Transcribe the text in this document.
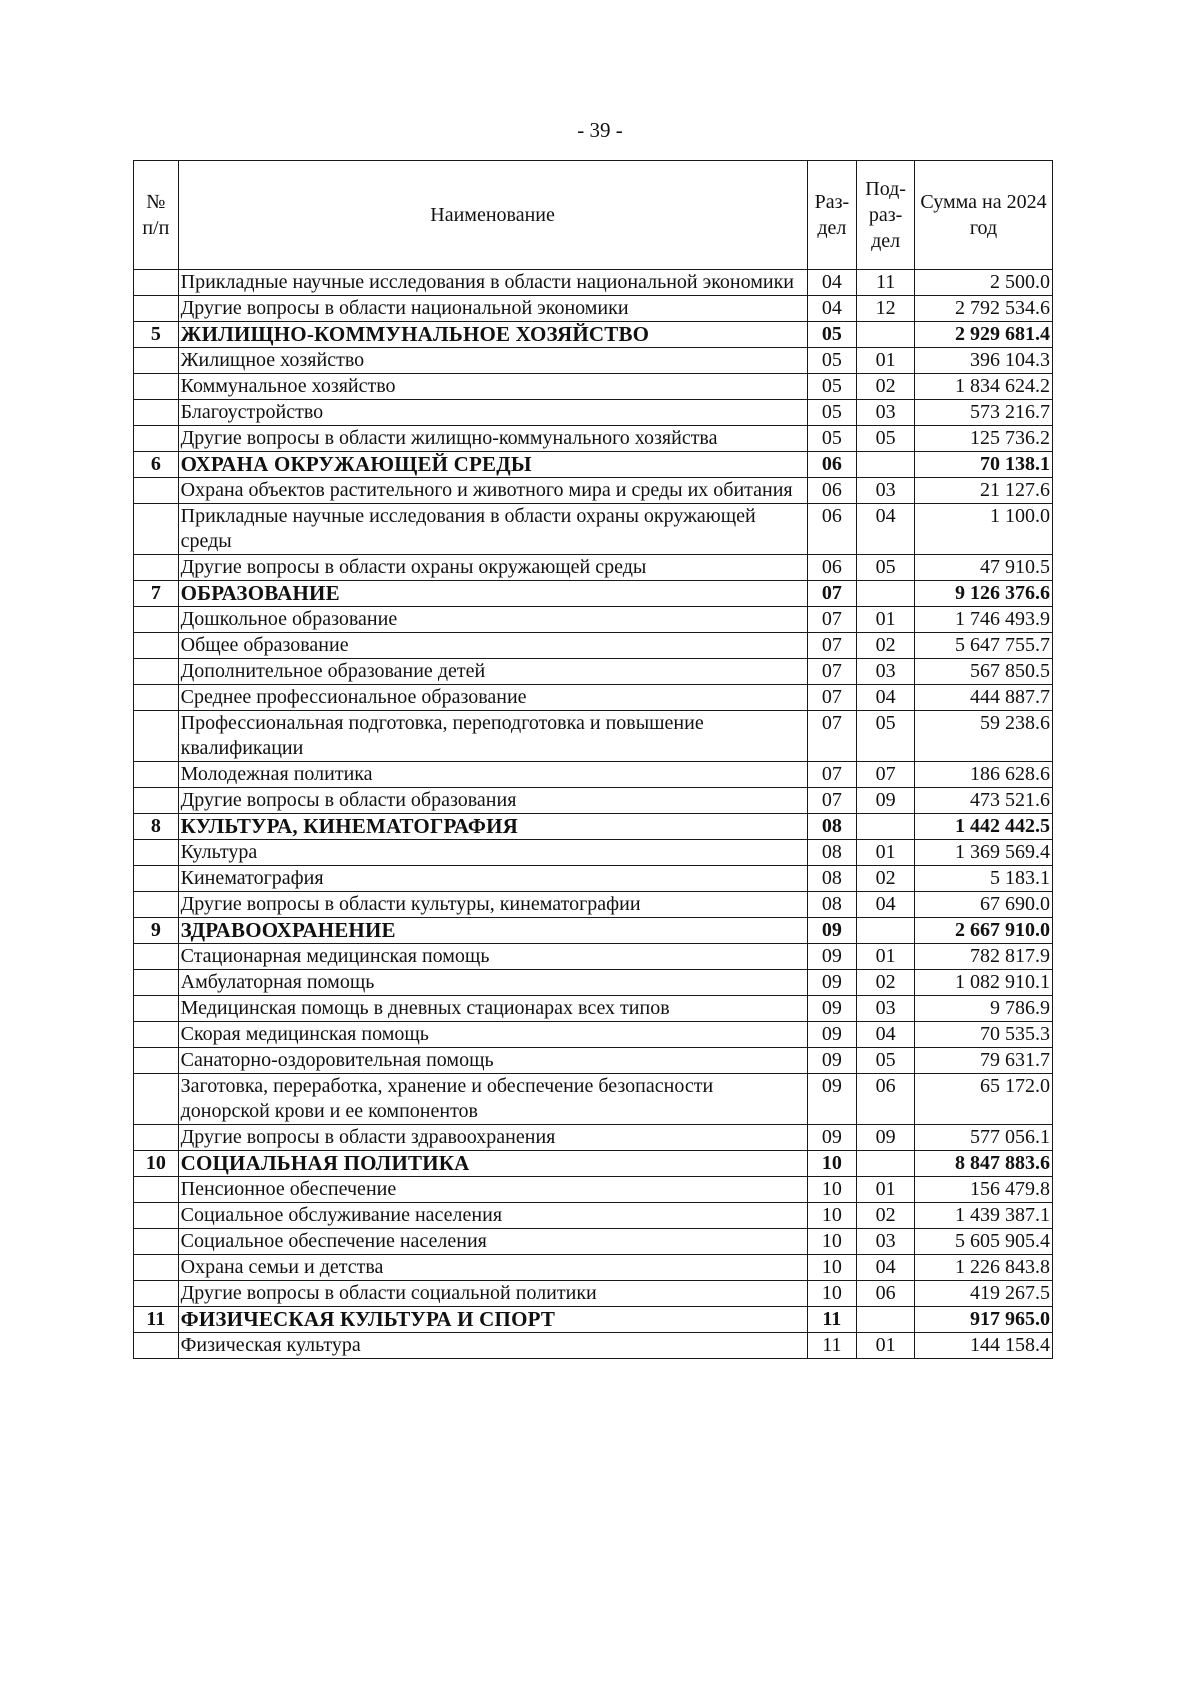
- 39 -
№ п/п	Наименование	Раз- дел	Под- раз- дел	Сумма на 2024 год
	Прикладные научные исследования в области национальной экономики	04	11	2 500.0
	Другие вопросы в области национальной экономики	04	12	2 792 534.6
5	ЖИЛИЩНО-КОММУНАЛЬНОЕ ХОЗЯЙСТВО	05		2 929 681.4
	Жилищное хозяйство	05	01	396 104.3
	Коммунальное хозяйство	05	02	1 834 624.2
	Благоустройство	05	03	573 216.7
	Другие вопросы в области жилищно-коммунального хозяйства	05	05	125 736.2
6	ОХРАНА ОКРУЖАЮЩЕЙ СРЕДЫ	06		70 138.1
	Охрана объектов растительного и животного мира и среды их обитания	06	03	21 127.6
	Прикладные научные исследования в области охраны окружающей среды	06	04	1 100.0
	Другие вопросы в области охраны окружающей среды	06	05	47 910.5
7	ОБРАЗОВАНИЕ	07		9 126 376.6
	Дошкольное образование	07	01	1 746 493.9
	Общее образование	07	02	5 647 755.7
	Дополнительное образование детей	07	03	567 850.5
	Среднее профессиональное образование	07	04	444 887.7
	Профессиональная подготовка, переподготовка и повышение квалификации	07	05	59 238.6
	Молодежная политика	07	07	186 628.6
	Другие вопросы в области образования	07	09	473 521.6
8	КУЛЬТУРА, КИНЕМАТОГРАФИЯ	08		1 442 442.5
	Культура	08	01	1 369 569.4
	Кинематография	08	02	5 183.1
	Другие вопросы в области культуры, кинематографии	08	04	67 690.0
9	ЗДРАВООХРАНЕНИЕ	09		2 667 910.0
	Стационарная медицинская помощь	09	01	782 817.9
	Амбулаторная помощь	09	02	1 082 910.1
	Медицинская помощь в дневных стационарах всех типов	09	03	9 786.9
	Скорая медицинская помощь	09	04	70 535.3
	Санаторно-оздоровительная помощь	09	05	79 631.7
	Заготовка, переработка, хранение и обеспечение безопасности донорской крови и ее компонентов	09	06	65 172.0
	Другие вопросы в области здравоохранения	09	09	577 056.1
10	СОЦИАЛЬНАЯ ПОЛИТИКА	10		8 847 883.6
	Пенсионное обеспечение	10	01	156 479.8
	Социальное обслуживание населения	10	02	1 439 387.1
	Социальное обеспечение населения	10	03	5 605 905.4
	Охрана семьи и детства	10	04	1 226 843.8
	Другие вопросы в области социальной политики	10	06	419 267.5
11	ФИЗИЧЕСКАЯ КУЛЬТУРА И СПОРТ	11		917 965.0
	Физическая культура	11	01	144 158.4
